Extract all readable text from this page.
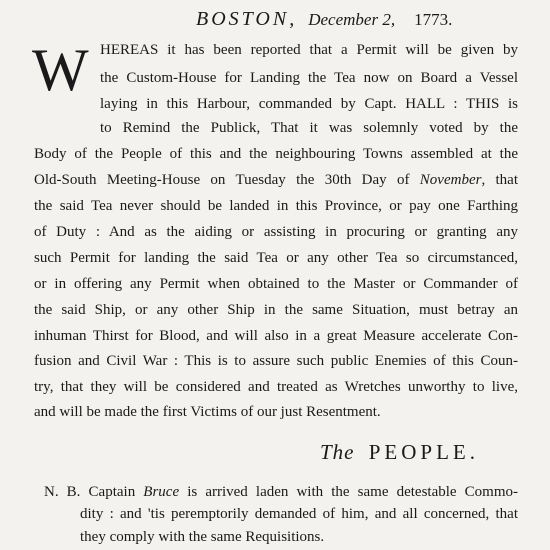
BOSTON, December 2, 1773.
W HEREAS it has been reported that a Permit will be given by
the Custom-House for Landing the Tea now on Board a Vessel
laying in this Harbour, commanded by Capt. HALL : THIS is
to Remind the Publick, That it was solemnly voted by the
Body of the People of this and the neighbouring Towns assembled at the
Old-South Meeting-House on Tuesday the 30th Day of November, that
the said Tea never should be landed in this Province, or pay one Farthing
of Duty : And as the aiding or assisting in procuring or granting any
such Permit for landing the said Tea or any other Tea so circumstanced,
or in offering any Permit when obtained to the Master or Commander of
the said Ship, or any other Ship in the same Situation, must betray an
inhuman Thirst for Blood, and will also in a great Measure accelerate Con-
fusion and Civil War : This is to assure such public Enemies of this Coun-
try, that they will be considered and treated as Wretches unworthy to live,
and will be made the first Victims of our just Resentment.
The PEOPLE.
N. B. Captain Bruce is arrived laden with the same detestable Commo-
dity : and 'tis peremptorily demanded of him, and all concerned, that
they comply with the same Requisitions.
